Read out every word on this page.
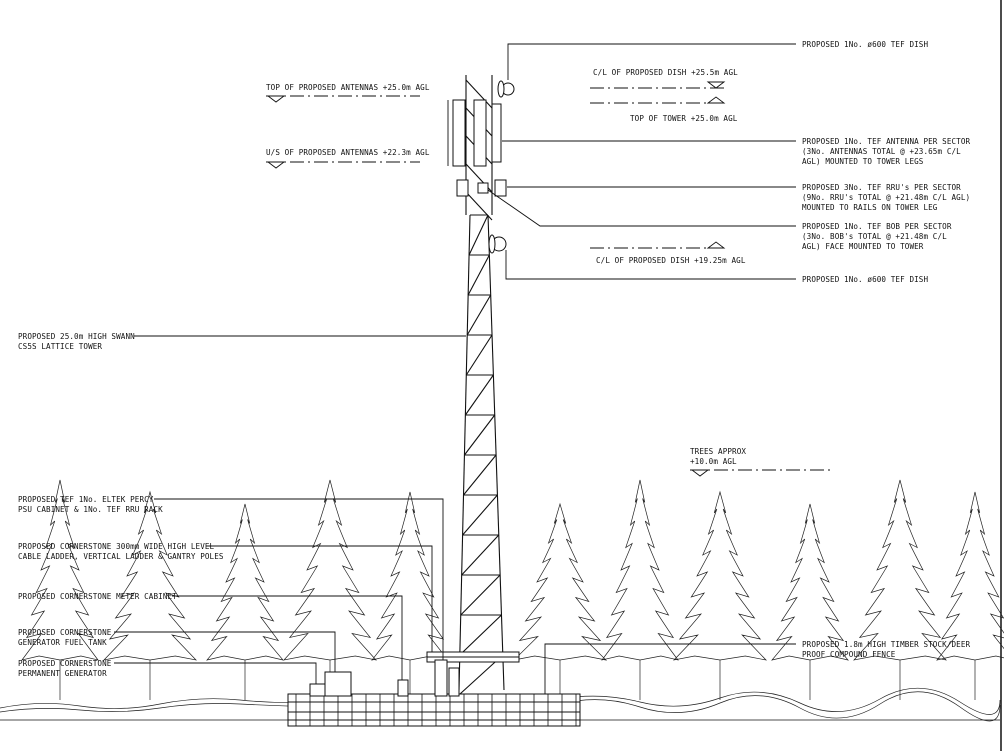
TOP OF PROPOSED ANTENNAS +25.0m AGL
U/S OF PROPOSED ANTENNAS +22.3m AGL
C/L OF PROPOSED DISH +25.5m AGL
TOP OF TOWER +25.0m AGL
C/L OF PROPOSED DISH +19.25m AGL
TREES APPROX
+10.0m AGL
PROPOSED 1No. ø600 TEF DISH
PROPOSED 1No. TEF ANTENNA PER SECTOR
(3No. ANTENNAS TOTAL @ +23.65m C/L
AGL) MOUNTED TO TOWER LEGS
PROPOSED 3No. TEF RRU's PER SECTOR
(9No. RRU's TOTAL @ +21.48m C/L AGL)
MOUNTED TO RAILS ON TOWER LEG
PROPOSED 1No. TEF BOB PER SECTOR
(3No. BOB's TOTAL @ +21.48m C/L
AGL) FACE MOUNTED TO TOWER
PROPOSED 1No. ø600 TEF DISH
PROPOSED 1.8m HIGH TIMBER STOCK/DEER
PROOF COMPOUND FENCE
PROPOSED 25.0m HIGH SWANN
CS5S LATTICE TOWER
PROPOSED TEF 1No. ELTEK PERCY
PSU CABINET & 1No. TEF RRU RACK
PROPOSED CORNERSTONE 300mm WIDE HIGH LEVEL
CABLE LADDER, VERTICAL LADDER & GANTRY POLES
PROPOSED CORNERSTONE METER CABINET
PROPOSED CORNERSTONE
GENERATOR FUEL TANK
PROPOSED CORNERSTONE
PERMANENT GENERATOR
